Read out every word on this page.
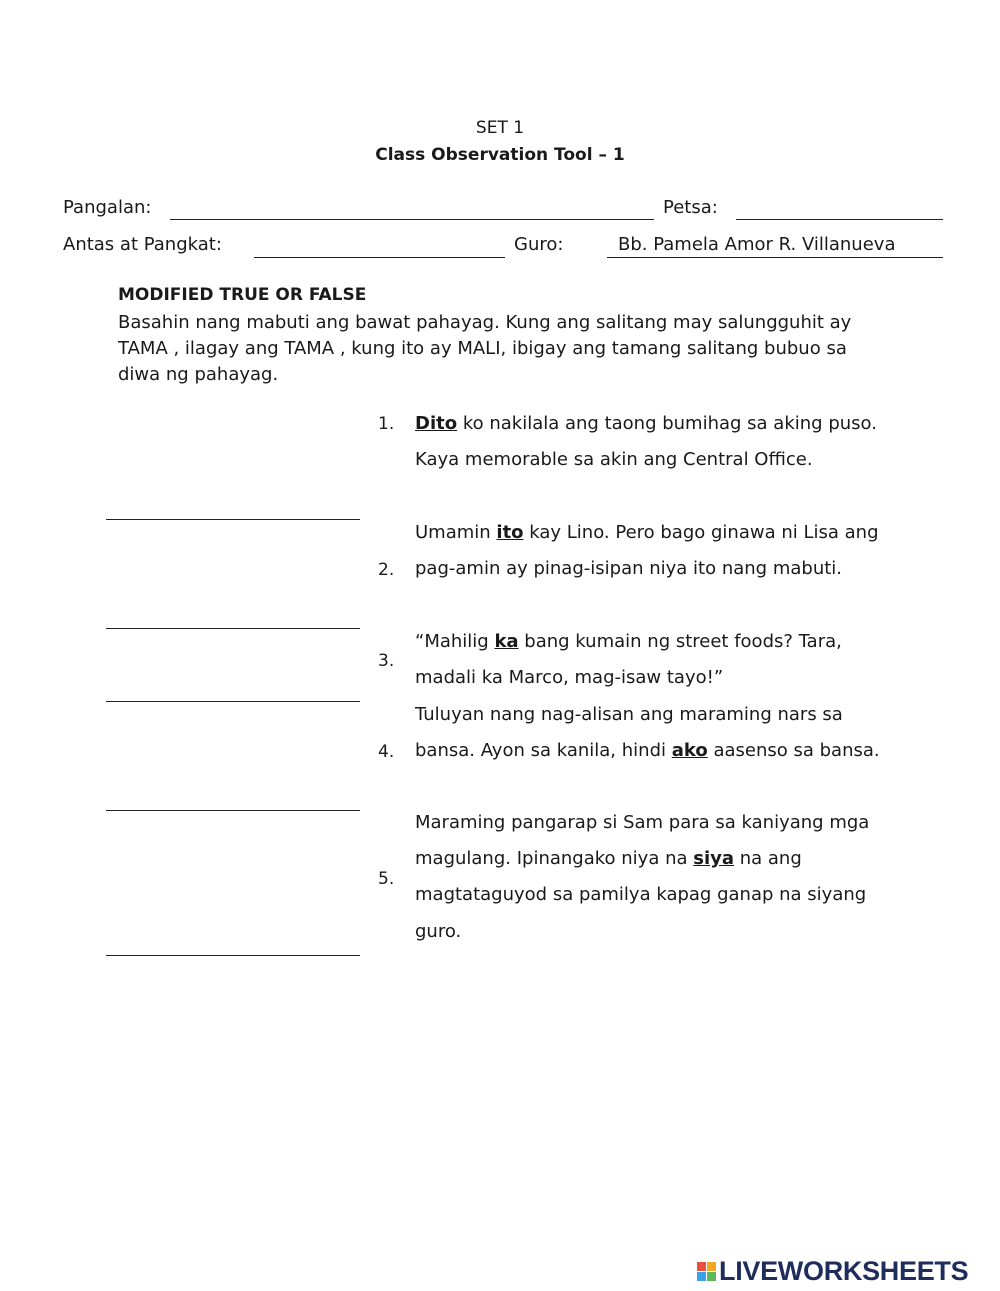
SET 1
Class Observation Tool – 1
Pangalan:	Petsa:
Antas at Pangkat:	Guro:	Bb. Pamela Amor R. Villanueva
MODIFIED TRUE OR FALSE
Basahin nang mabuti ang bawat pahayag. Kung ang salitang may salungguhit ay TAMA , ilagay ang TAMA , kung ito ay MALI, ibigay ang tamang salitang bubuo sa diwa ng pahayag.
1.	Dito ko nakilala ang taong bumihag sa aking puso. Kaya memorable sa akin ang Central Office.
2.
Umamin ito kay Lino. Pero bago ginawa ni Lisa ang pag-amin ay pinag-isipan niya ito nang mabuti.
3.
“Mahilig ka bang kumain ng street foods? Tara, madali ka Marco, mag-isaw tayo!”
4.
Tuluyan nang nag-alisan ang maraming nars sa bansa. Ayon sa kanila, hindi ako aasenso sa bansa.
5.
Maraming pangarap si Sam para sa kaniyang mga magulang. Ipinangako niya na siya na ang magtataguyod sa pamilya kapag ganap na siyang guro.
LIVEWORKSHEETS
